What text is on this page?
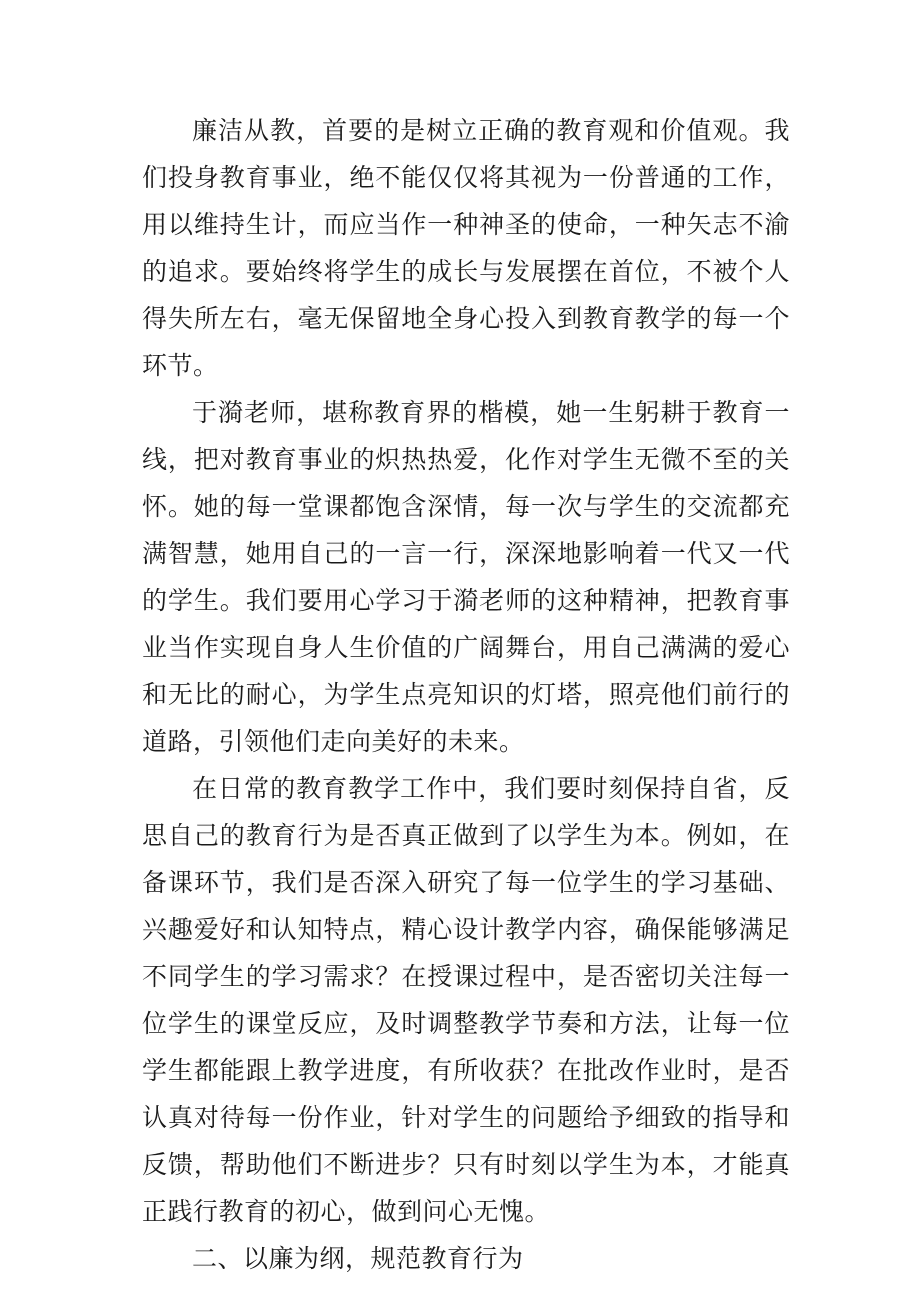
廉洁从教，首要的是树立正确的教育观和价值观。我们投身教育事业，绝不能仅仅将其视为一份普通的工作，用以维持生计，而应当作一种神圣的使命，一种矢志不渝的追求。要始终将学生的成长与发展摆在首位，不被个人得失所左右，毫无保留地全身心投入到教育教学的每一个环节。

于漪老师，堪称教育界的楷模，她一生躬耕于教育一线，把对教育事业的炽热热爱，化作对学生无微不至的关怀。她的每一堂课都饱含深情，每一次与学生的交流都充满智慧，她用自己的一言一行，深深地影响着一代又一代的学生。我们要用心学习于漪老师的这种精神，把教育事业当作实现自身人生价值的广阔舞台，用自己满满的爱心和无比的耐心，为学生点亮知识的灯塔，照亮他们前行的道路，引领他们走向美好的未来。

在日常的教育教学工作中，我们要时刻保持自省，反思自己的教育行为是否真正做到了以学生为本。例如，在备课环节，我们是否深入研究了每一位学生的学习基础、兴趣爱好和认知特点，精心设计教学内容，确保能够满足不同学生的学习需求？在授课过程中，是否密切关注每一位学生的课堂反应，及时调整教学节奏和方法，让每一位学生都能跟上教学进度，有所收获？在批改作业时，是否认真对待每一份作业，针对学生的问题给予细致的指导和反馈，帮助他们不断进步？只有时刻以学生为本，才能真正践行教育的初心，做到问心无愧。

二、以廉为纲，规范教育行为
